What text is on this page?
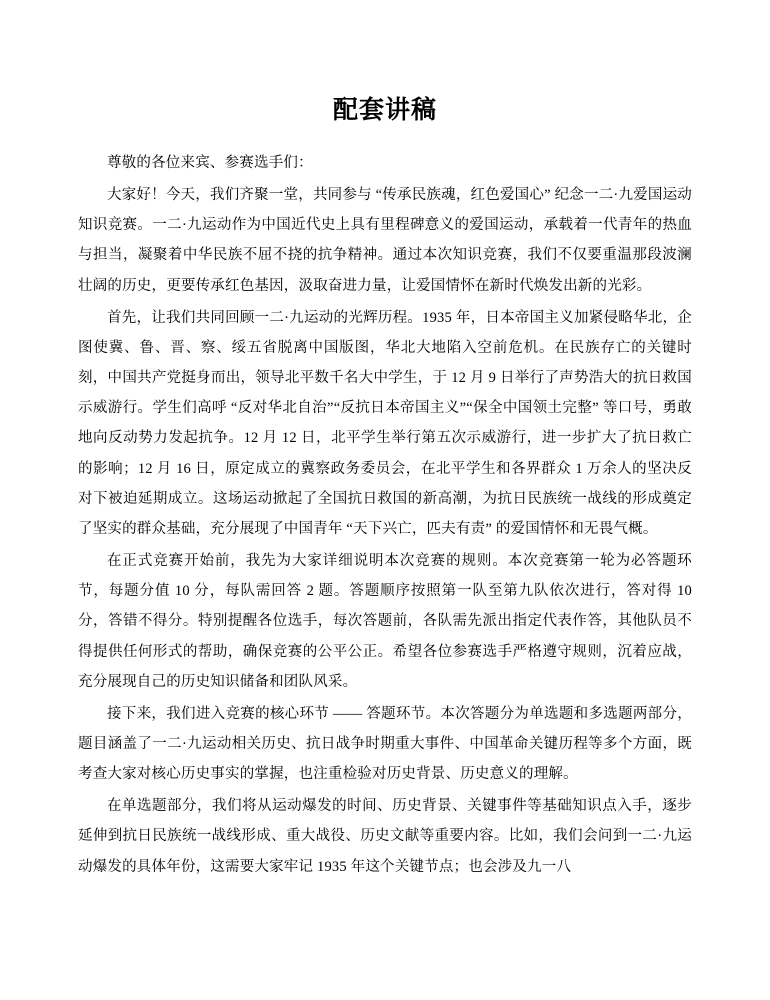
配套讲稿

尊敬的各位来宾、参赛选手们：

大家好！今天，我们齐聚一堂，共同参与 “传承民族魂，红色爱国心” 纪念一二·九爱国运动知识竞赛。一二·九运动作为中国近代史上具有里程碑意义的爱国运动，承载着一代青年的热血与担当，凝聚着中华民族不屈不挠的抗争精神。通过本次知识竞赛，我们不仅要重温那段波澜壮阔的历史，更要传承红色基因，汲取奋进力量，让爱国情怀在新时代焕发出新的光彩。

首先，让我们共同回顾一二·九运动的光辉历程。1935 年，日本帝国主义加紧侵略华北，企图使冀、鲁、晋、察、绥五省脱离中国版图，华北大地陷入空前危机。在民族存亡的关键时刻，中国共产党挺身而出，领导北平数千名大中学生，于 12 月 9 日举行了声势浩大的抗日救国示威游行。学生们高呼 “反对华北自治”“反抗日本帝国主义”“保全中国领土完整” 等口号，勇敢地向反动势力发起抗争。12 月 12 日，北平学生举行第五次示威游行，进一步扩大了抗日救亡的影响；12 月 16 日，原定成立的冀察政务委员会，在北平学生和各界群众 1 万余人的坚决反对下被迫延期成立。这场运动掀起了全国抗日救国的新高潮，为抗日民族统一战线的形成奠定了坚实的群众基础，充分展现了中国青年 “天下兴亡，匹夫有责” 的爱国情怀和无畏气概。

在正式竞赛开始前，我先为大家详细说明本次竞赛的规则。本次竞赛第一轮为必答题环节，每题分值 10 分，每队需回答 2 题。答题顺序按照第一队至第九队依次进行，答对得 10 分，答错不得分。特别提醒各位选手，每次答题前，各队需先派出指定代表作答，其他队员不得提供任何形式的帮助，确保竞赛的公平公正。希望各位参赛选手严格遵守规则，沉着应战，充分展现自己的历史知识储备和团队风采。

接下来，我们进入竞赛的核心环节 —— 答题环节。本次答题分为单选题和多选题两部分，题目涵盖了一二·九运动相关历史、抗日战争时期重大事件、中国革命关键历程等多个方面，既考查大家对核心历史事实的掌握，也注重检验对历史背景、历史意义的理解。

在单选题部分，我们将从运动爆发的时间、历史背景、关键事件等基础知识点入手，逐步延伸到抗日民族统一战线形成、重大战役、历史文献等重要内容。比如，我们会问到一二·九运动爆发的具体年份，这需要大家牢记 1935 年这个关键节点；也会涉及九一八
